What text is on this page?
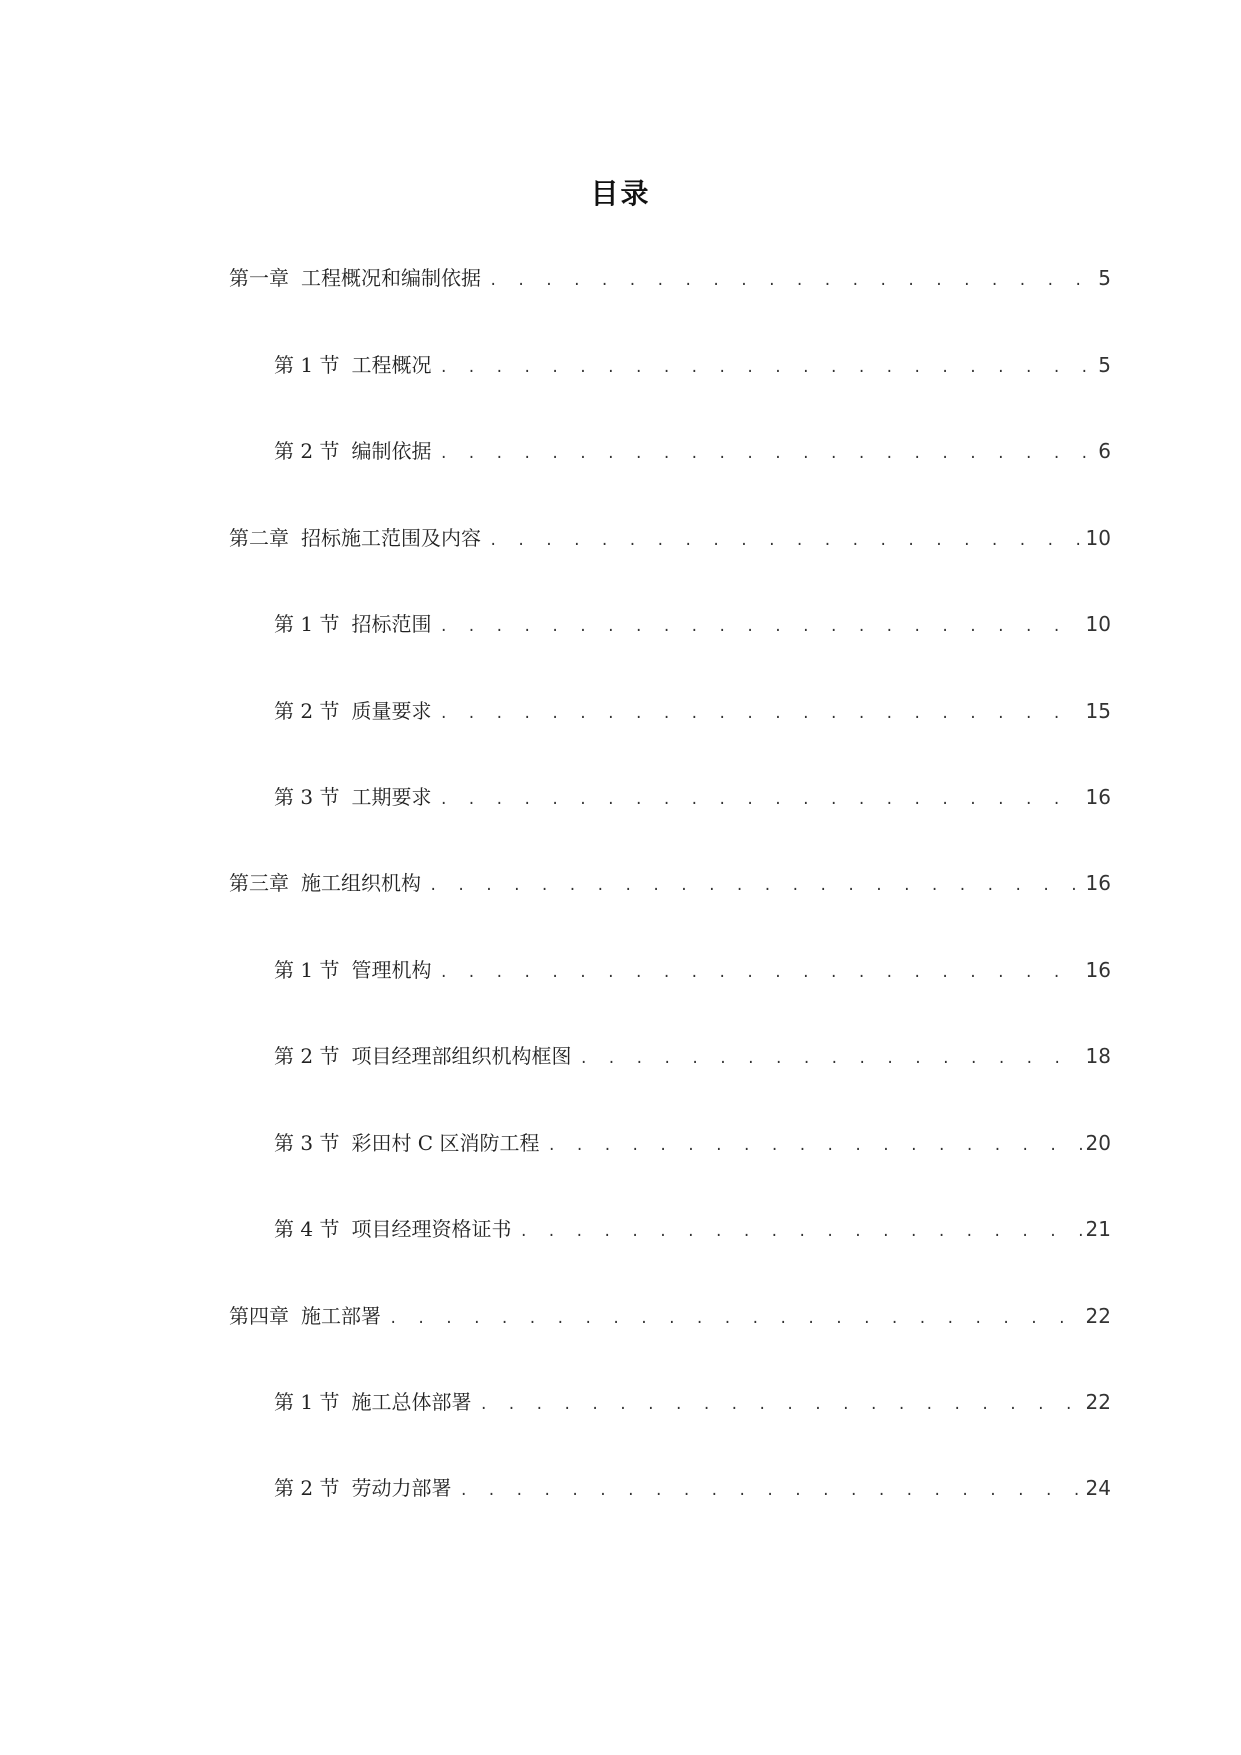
目录
第一章 工程概况和编制依据 . . .	5
第 1 节 工程概况 . . .	5
第 2 节 编制依据 . . .	6
第二章 招标施工范围及内容 . . .	10
第 1 节 招标范围 . . .	10
第 2 节 质量要求 . . .	15
第 3 节 工期要求 . . .	16
第三章 施工组织机构 . . .	16
第 1 节 管理机构 . . .	16
第 2 节 项目经理部组织机构框图 . . .	18
第 3 节 彩田村 C 区消防工程 . . .	20
第 4 节 项目经理资格证书 . . .	21
第四章 施工部署 . . .	22
第 1 节 施工总体部署 . . .	22
第 2 节 劳动力部署 . . .	24
